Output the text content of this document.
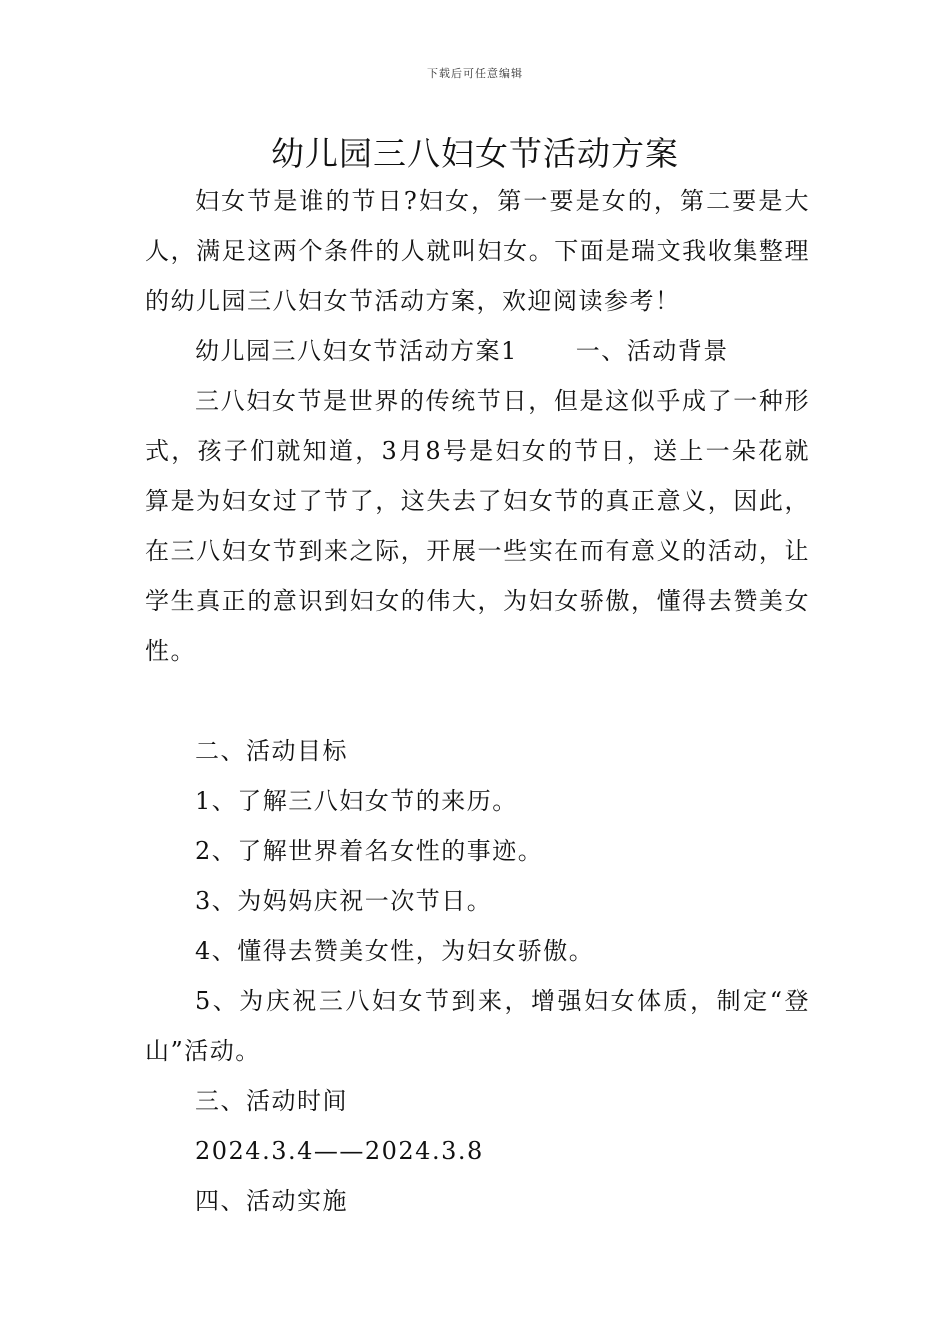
下载后可任意编辑
幼儿园三八妇女节活动方案

妇女节是谁的节日?妇女，第一要是女的，第二要是大人，满足这两个条件的人就叫妇女。下面是瑞文我收集整理的幼儿园三八妇女节活动方案，欢迎阅读参考！

幼儿园三八妇女节活动方案1 一、活动背景

三八妇女节是世界的传统节日，但是这似乎成了一种形式，孩子们就知道，3月8号是妇女的节日，送上一朵花就算是为妇女过了节了，这失去了妇女节的真正意义，因此，在三八妇女节到来之际，开展一些实在而有意义的活动，让学生真正的意识到妇女的伟大，为妇女骄傲，懂得去赞美女性。

二、活动目标

1、了解三八妇女节的来历。

2、了解世界着名女性的事迹。

3、为妈妈庆祝一次节日。

4、懂得去赞美女性，为妇女骄傲。

5、为庆祝三八妇女节到来，增强妇女体质，制定“登山”活动。

三、活动时间

2024.3.4——2024.3.8

四、活动实施
